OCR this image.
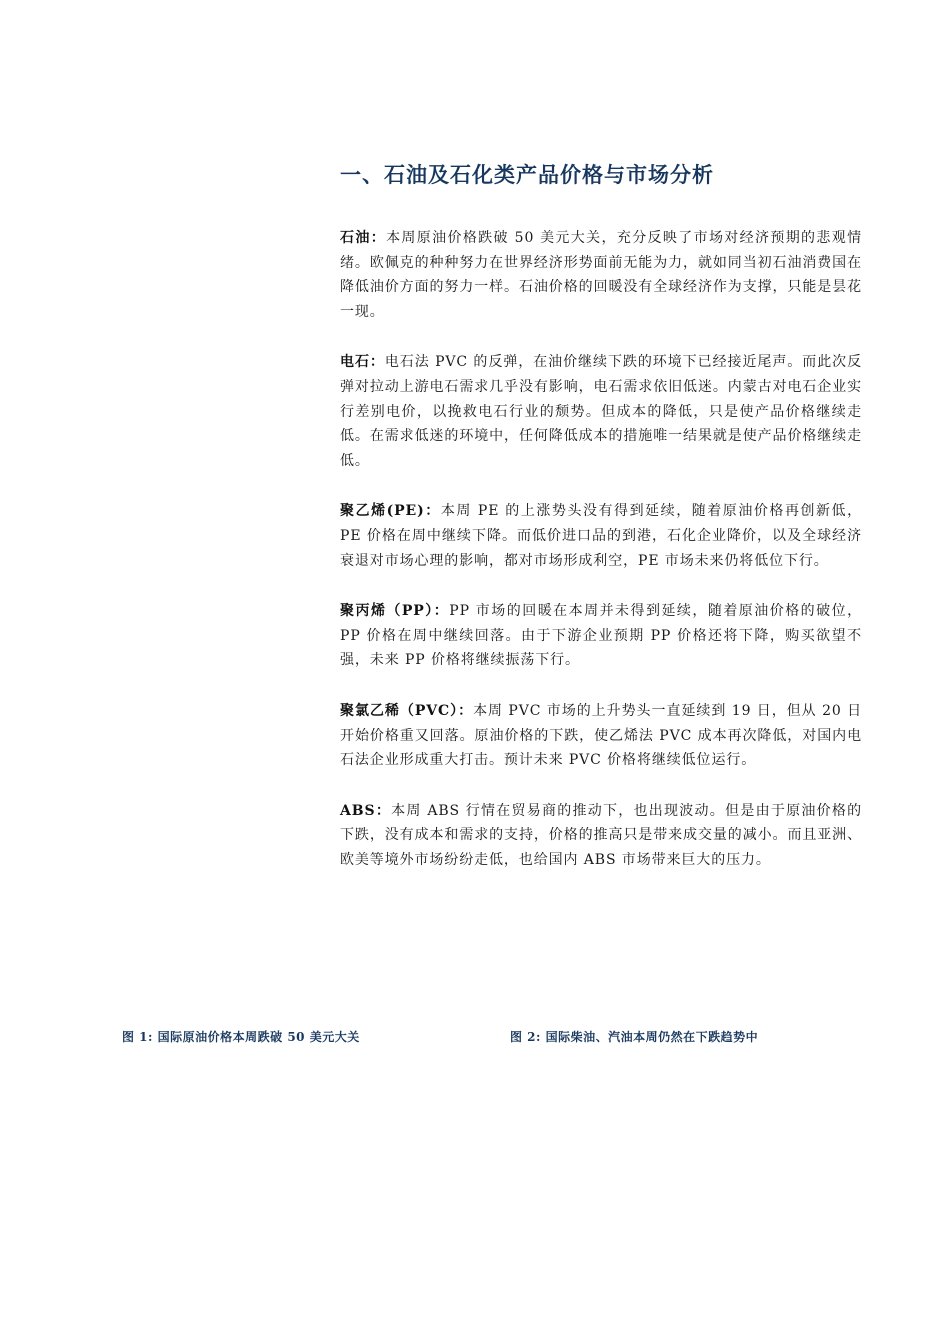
一、石油及石化类产品价格与市场分析

石油：本周原油价格跌破 50 美元大关，充分反映了市场对经济预期的悲观情绪。欧佩克的种种努力在世界经济形势面前无能为力，就如同当初石油消费国在降低油价方面的努力一样。石油价格的回暖没有全球经济作为支撑，只能是昙花一现。

电石：电石法 PVC 的反弹，在油价继续下跌的环境下已经接近尾声。而此次反弹对拉动上游电石需求几乎没有影响，电石需求依旧低迷。内蒙古对电石企业实行差别电价，以挽救电石行业的颓势。但成本的降低，只是使产品价格继续走低。在需求低迷的环境中，任何降低成本的措施唯一结果就是使产品价格继续走低。

聚乙烯(PE)：本周 PE 的上涨势头没有得到延续，随着原油价格再创新低，PE 价格在周中继续下降。而低价进口品的到港，石化企业降价，以及全球经济衰退对市场心理的影响，都对市场形成利空，PE 市场未来仍将低位下行。

聚丙烯（PP）：PP 市场的回暖在本周并未得到延续，随着原油价格的破位，PP 价格在周中继续回落。由于下游企业预期 PP 价格还将下降，购买欲望不强，未来 PP 价格将继续振荡下行。

聚氯乙稀（PVC）：本周 PVC 市场的上升势头一直延续到 19 日，但从 20 日开始价格重又回落。原油价格的下跌，使乙烯法 PVC 成本再次降低，对国内电石法企业形成重大打击。预计未来 PVC 价格将继续低位运行。

ABS：本周 ABS 行情在贸易商的推动下，也出现波动。但是由于原油价格的下跌，没有成本和需求的支持，价格的推高只是带来成交量的减小。而且亚洲、欧美等境外市场纷纷走低，也给国内 ABS 市场带来巨大的压力。

图 1: 国际原油价格本周跌破 50 美元大关	图 2: 国际柴油、汽油本周仍然在下跌趋势中
